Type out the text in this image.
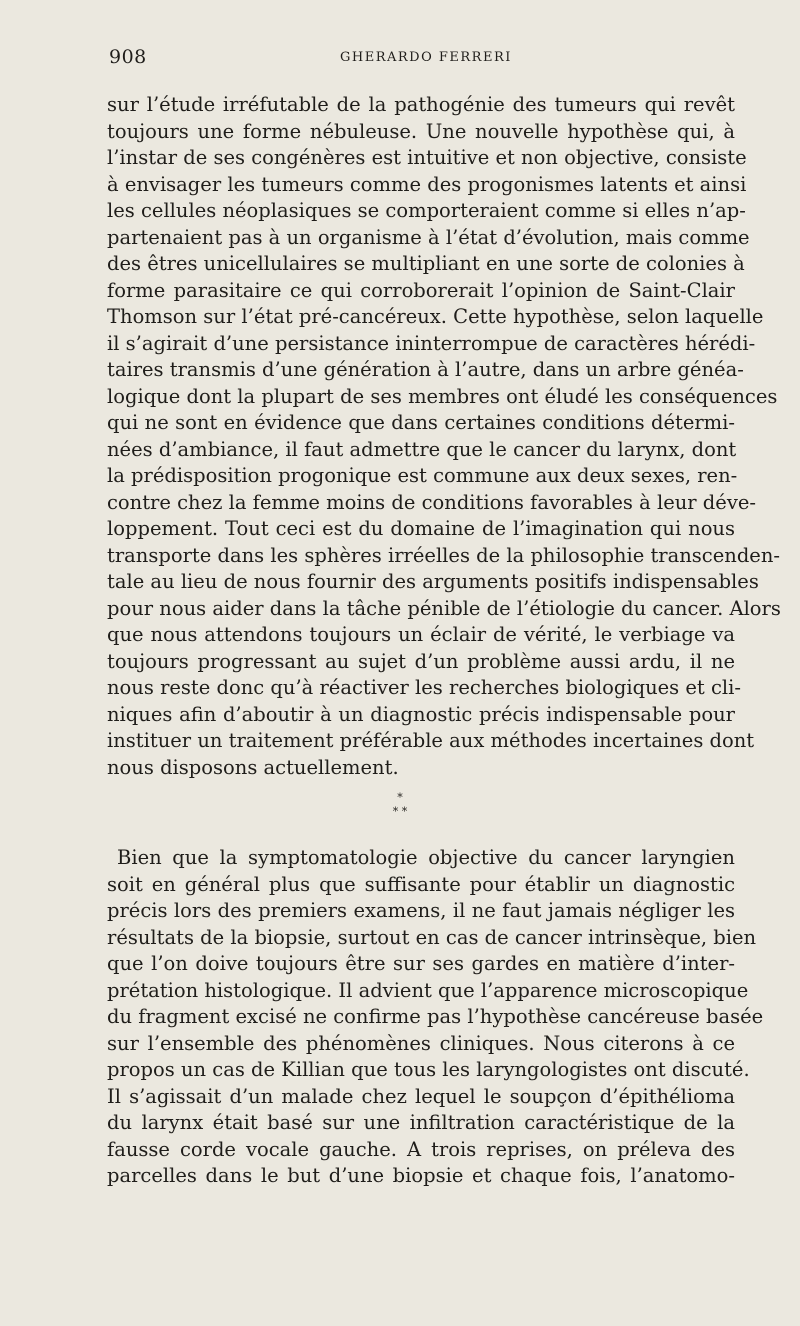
908	GHERARDO FERRERI
sur l’étude irréfutable de la pathogénie des tumeurs qui revêt
toujours une forme nébuleuse. Une nouvelle hypothèse qui, à
l’instar de ses congénères est intuitive et non objective, consiste
à envisager les tumeurs comme des progonismes latents et ainsi
les cellules néoplasiques se comporteraient comme si elles n’ap-
partenaient pas à un organisme à l’état d’évolution, mais comme
des êtres unicellulaires se multipliant en une sorte de colonies à
forme parasitaire ce qui corroborerait l’opinion de Saint-Clair
Thomson sur l’état pré-cancéreux. Cette hypothèse, selon laquelle
il s’agirait d’une persistance ininterrompue de caractères hérédi-
taires transmis d’une génération à l’autre, dans un arbre généa-
logique dont la plupart de ses membres ont éludé les conséquences
qui ne sont en évidence que dans certaines conditions détermi-
nées d’ambiance, il faut admettre que le cancer du larynx, dont
la prédisposition progonique est commune aux deux sexes, ren-
contre chez la femme moins de conditions favorables à leur déve-
loppement. Tout ceci est du domaine de l’imagination qui nous
transporte dans les sphères irréelles de la philosophie transcenden-
tale au lieu de nous fournir des arguments positifs indispensables
pour nous aider dans la tâche pénible de l’étiologie du cancer. Alors
que nous attendons toujours un éclair de vérité, le verbiage va
toujours progressant au sujet d’un problème aussi ardu, il ne
nous reste donc qu’à réactiver les recherches biologiques et cli-
niques afin d’aboutir à un diagnostic précis indispensable pour
instituer un traitement préférable aux méthodes incertaines dont
nous disposons actuellement.
*
* *
Bien que la symptomatologie objective du cancer laryngien
soit en général plus que suffisante pour établir un diagnostic
précis lors des premiers examens, il ne faut jamais négliger les
résultats de la biopsie, surtout en cas de cancer intrinsèque, bien
que l’on doive toujours être sur ses gardes en matière d’inter-
prétation histologique. Il advient que l’apparence microscopique
du fragment excisé ne confirme pas l’hypothèse cancéreuse basée
sur l’ensemble des phénomènes cliniques. Nous citerons à ce
propos un cas de Killian que tous les laryngologistes ont discuté.
Il s’agissait d’un malade chez lequel le soupçon d’épithélioma
du larynx était basé sur une infiltration caractéristique de la
fausse corde vocale gauche. A trois reprises, on préleva des
parcelles dans le but d’une biopsie et chaque fois, l’anatomo-
